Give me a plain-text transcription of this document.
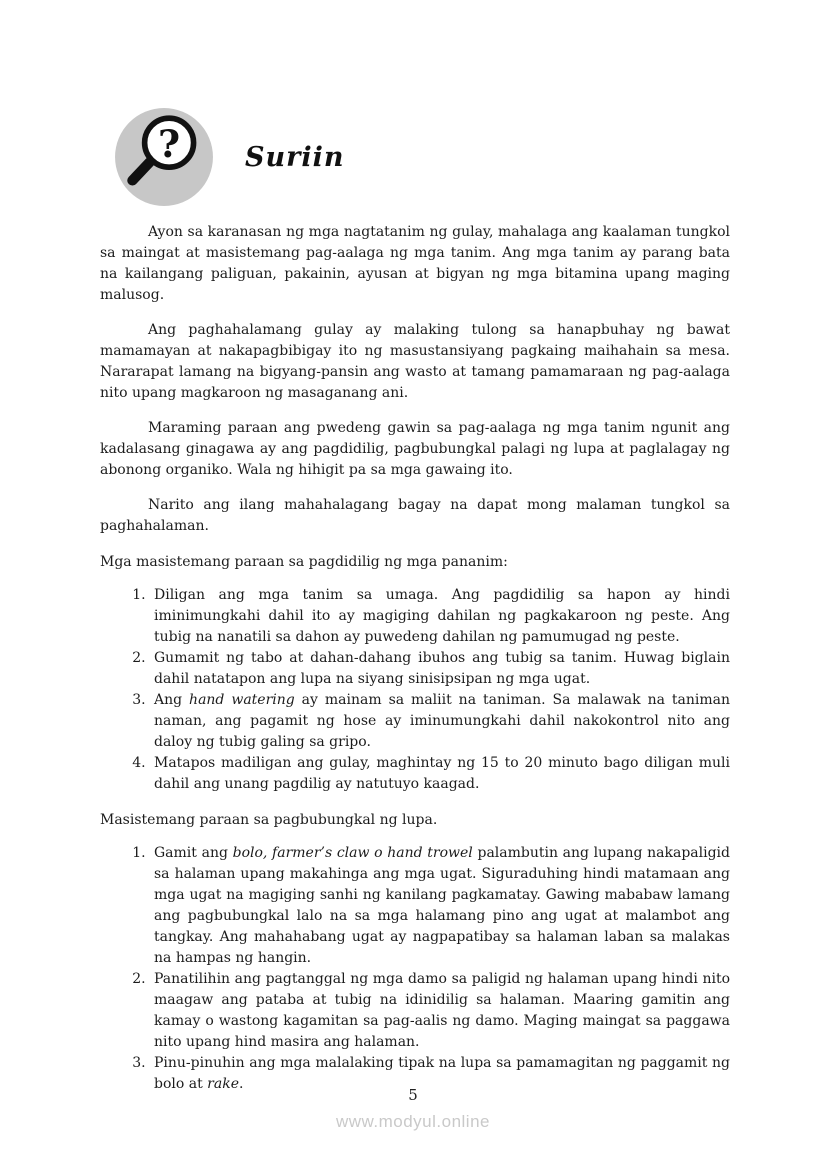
? Suriin

Ayon sa karanasan ng mga nagtatanim ng gulay, mahalaga ang kaalaman tungkol sa maingat at masistemang pag-aalaga ng mga tanim. Ang mga tanim ay parang bata na kailangang paliguan, pakainin, ayusan at bigyan ng mga bitamina upang maging malusog.

Ang paghahalamang gulay ay malaking tulong sa hanapbuhay ng bawat mamamayan at nakapagbibigay ito ng masustansiyang pagkaing maihahain sa mesa. Nararapat lamang na bigyang-pansin ang wasto at tamang pamamaraan ng pag-aalaga nito upang magkaroon ng masaganang ani.

Maraming paraan ang pwedeng gawin sa pag-aalaga ng mga tanim ngunit ang kadalasang ginagawa ay ang pagdidilig, pagbubungkal palagi ng lupa at paglalagay ng abonong organiko. Wala ng hihigit pa sa mga gawaing ito.

Narito ang ilang mahahalagang bagay na dapat mong malaman tungkol sa paghahalaman.

Mga masistemang paraan sa pagdidilig ng mga pananim:

1. Diligan ang mga tanim sa umaga. Ang pagdidilig sa hapon ay hindi iminimungkahi dahil ito ay magiging dahilan ng pagkakaroon ng peste. Ang tubig na nanatili sa dahon ay puwedeng dahilan ng pamumugad ng peste.
2. Gumamit ng tabo at dahan-dahang ibuhos ang tubig sa tanim. Huwag biglain dahil natatapon ang lupa na siyang sinisipsipan ng mga ugat.
3. Ang hand watering ay mainam sa maliit na taniman. Sa malawak na taniman naman, ang pagamit ng hose ay iminumungkahi dahil nakokontrol nito ang daloy ng tubig galing sa gripo.
4. Matapos madiligan ang gulay, maghintay ng 15 to 20 minuto bago diligan muli dahil ang unang pagdilig ay natutuyo kaagad.

Masistemang paraan sa pagbubungkal ng lupa.

1. Gamit ang bolo, farmer’s claw o hand trowel palambutin ang lupang nakapaligid sa halaman upang makahinga ang mga ugat. Siguraduhing hindi matamaan ang mga ugat na magiging sanhi ng kanilang pagkamatay. Gawing mababaw lamang ang pagbubungkal lalo na sa mga halamang pino ang ugat at malambot ang tangkay. Ang mahahabang ugat ay nagpapatibay sa halaman laban sa malakas na hampas ng hangin.
2. Panatilihin ang pagtanggal ng mga damo sa paligid ng halaman upang hindi nito maagaw ang pataba at tubig na idinidilig sa halaman. Maaring gamitin ang kamay o wastong kagamitan sa pag-aalis ng damo. Maging maingat sa paggawa nito upang hind masira ang halaman.
3. Pinu-pinuhin ang mga malalaking tipak na lupa sa pamamagitan ng paggamit ng bolo at rake.
5
www.modyul.online
